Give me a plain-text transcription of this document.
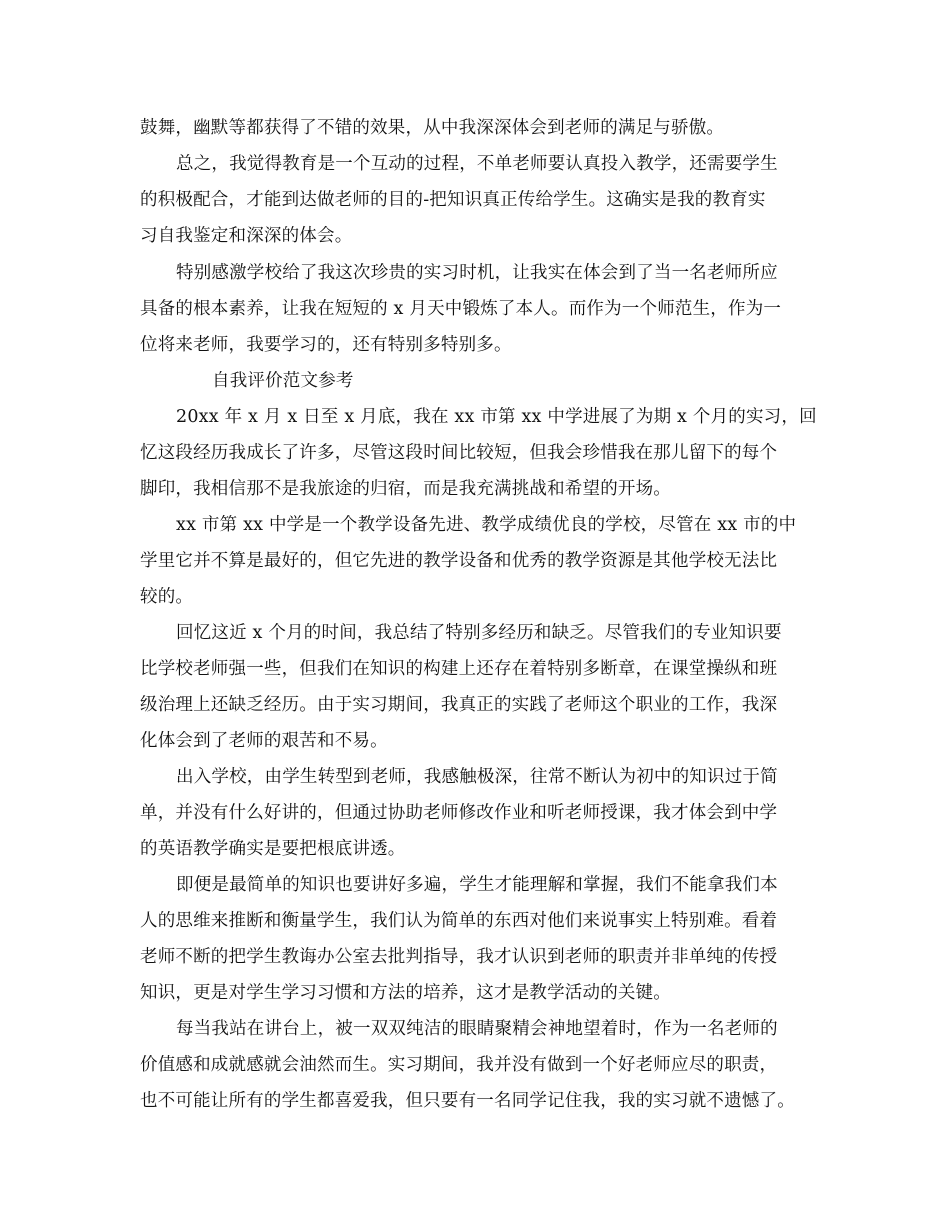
鼓舞，幽默等都获得了不错的效果，从中我深深体会到老师的满足与骄傲。
总之，我觉得教育是一个互动的过程，不单老师要认真投入教学，还需要学生
的积极配合，才能到达做老师的目的-把知识真正传给学生。这确实是我的教育实
习自我鉴定和深深的体会。
特别感激学校给了我这次珍贵的实习时机，让我实在体会到了当一名老师所应
具备的根本素养，让我在短短的 x 月天中锻炼了本人。而作为一个师范生，作为一
位将来老师，我要学习的，还有特别多特别多。
自我评价范文参考
20xx 年 x 月 x 日至 x 月底，我在 xx 市第 xx 中学进展了为期 x 个月的实习，回
忆这段经历我成长了许多，尽管这段时间比较短，但我会珍惜我在那儿留下的每个
脚印，我相信那不是我旅途的归宿，而是我充满挑战和希望的开场。
xx 市第 xx 中学是一个教学设备先进、教学成绩优良的学校，尽管在 xx 市的中
学里它并不算是最好的，但它先进的教学设备和优秀的教学资源是其他学校无法比
较的。
回忆这近 x 个月的时间，我总结了特别多经历和缺乏。尽管我们的专业知识要
比学校老师强一些，但我们在知识的构建上还存在着特别多断章，在课堂操纵和班
级治理上还缺乏经历。由于实习期间，我真正的实践了老师这个职业的工作，我深
化体会到了老师的艰苦和不易。
出入学校，由学生转型到老师，我感触极深，往常不断认为初中的知识过于简
单，并没有什么好讲的，但通过协助老师修改作业和听老师授课，我才体会到中学
的英语教学确实是要把根底讲透。
即便是最简单的知识也要讲好多遍，学生才能理解和掌握，我们不能拿我们本
人的思维来推断和衡量学生，我们认为简单的东西对他们来说事实上特别难。看着
老师不断的把学生教诲办公室去批判指导，我才认识到老师的职责并非单纯的传授
知识，更是对学生学习习惯和方法的培养，这才是教学活动的关键。
每当我站在讲台上，被一双双纯洁的眼睛聚精会神地望着时，作为一名老师的
价值感和成就感就会油然而生。实习期间，我并没有做到一个好老师应尽的职责，
也不可能让所有的学生都喜爱我，但只要有一名同学记住我，我的实习就不遗憾了。
